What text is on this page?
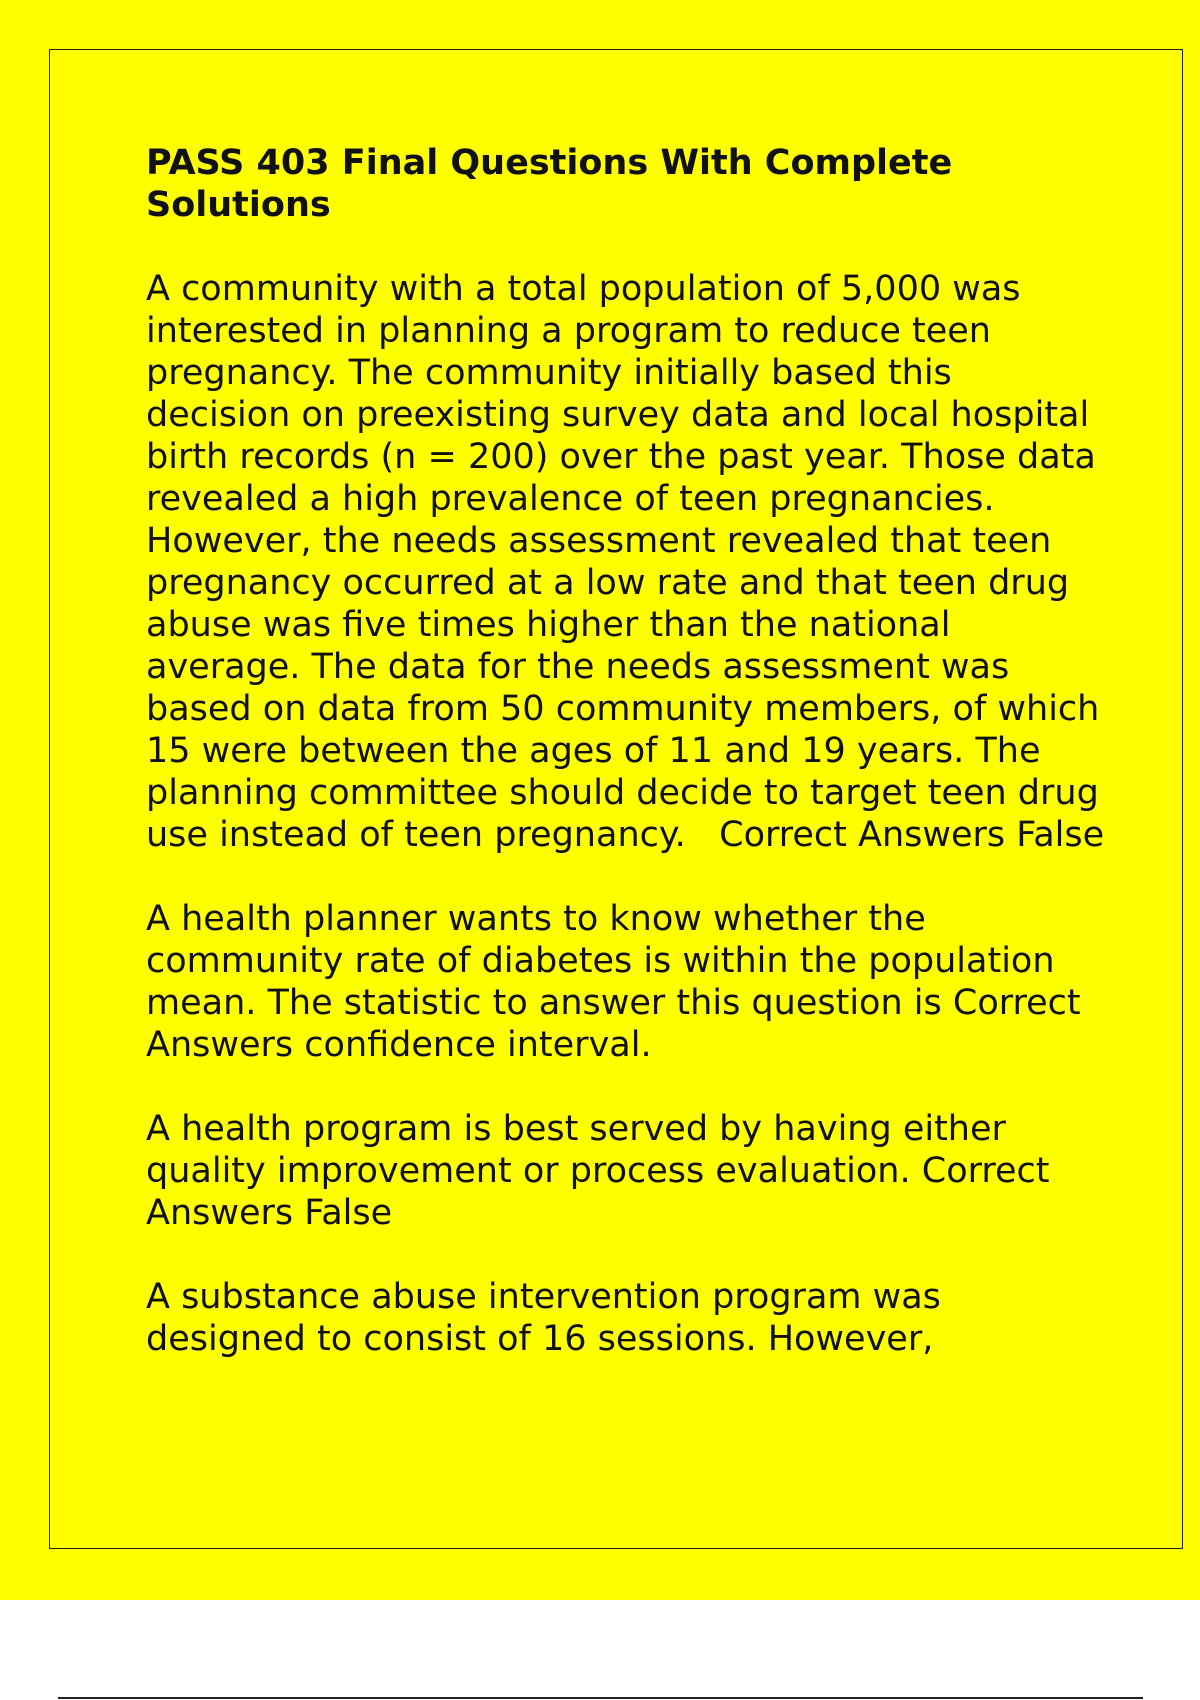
PASS 403 Final Questions With Complete Solutions

A community with a total population of 5,000 was interested in planning a program to reduce teen pregnancy. The community initially based this decision on preexisting survey data and local hospital birth records (n = 200) over the past year. Those data revealed a high prevalence of teen pregnancies. However, the needs assessment revealed that teen pregnancy occurred at a low rate and that teen drug abuse was five times higher than the national average. The data for the needs assessment was based on data from 50 community members, of which 15 were between the ages of 11 and 19 years. The planning committee should decide to target teen drug use instead of teen pregnancy. Correct Answers False

A health planner wants to know whether the community rate of diabetes is within the population mean. The statistic to answer this question is Correct Answers confidence interval.

A health program is best served by having either quality improvement or process evaluation. Correct Answers False

A substance abuse intervention program was designed to consist of 16 sessions. However,
